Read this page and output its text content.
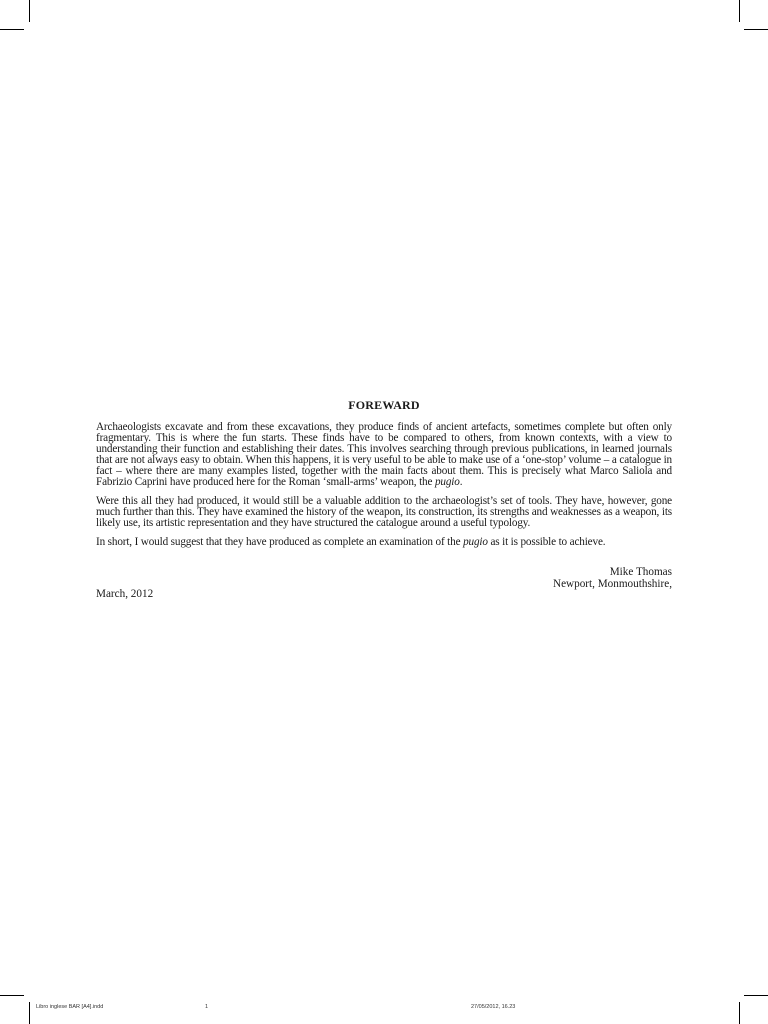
FOREWARD

Archaeologists excavate and from these excavations, they produce finds of ancient artefacts, sometimes complete but often only fragmentary. This is where the fun starts. These finds have to be compared to others, from known contexts, with a view to understanding their function and establishing their dates. This involves searching through previous publications, in learned journals that are not always easy to obtain. When this happens, it is very useful to be able to make use of a ‘one-stop’ volume – a catalogue in fact – where there are many examples listed, together with the main facts about them. This is precisely what Marco Saliola and Fabrizio Caprini have produced here for the Roman ‘small-arms’ weapon, the pugio.

Were this all they had produced, it would still be a valuable addition to the archaeologist’s set of tools. They have, however, gone much further than this. They have examined the history of the weapon, its construction, its strengths and weaknesses as a weapon, its likely use, its artistic representation and they have structured the catalogue around a useful typology.

In short, I would suggest that they have produced as complete an examination of the pugio as it is possible to achieve.

Mike Thomas
Newport, Monmouthshire,
March, 2012
Libro inglese BAR [A4].indd	1	27/05/2012, 16.23
